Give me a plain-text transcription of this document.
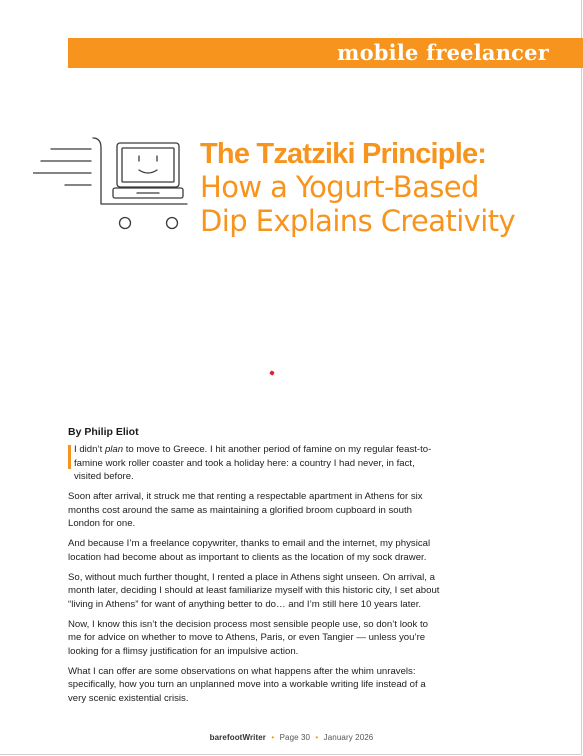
mobile freelancer
The Tzatziki Principle:
How a Yogurt-Based
Dip Explains Creativity
By Philip Eliot

I didn’t plan to move to Greece. I hit another period of famine on my regular feast-to-famine work roller coaster and took a holiday here: a country I had never, in fact, visited before.

Soon after arrival, it struck me that renting a respectable apartment in Athens for six months cost around the same as maintaining a glorified broom cupboard in south London for one.

And because I’m a freelance copywriter, thanks to email and the internet, my physical location had become about as important to clients as the location of my sock drawer.

So, without much further thought, I rented a place in Athens sight unseen. On arrival, a month later, deciding I should at least familiarize myself with this historic city, I set about “living in Athens” for want of anything better to do… and I’m still here 10 years later.

Now, I know this isn’t the decision process most sensible people use, so don’t look to me for advice on whether to move to Athens, Paris, or even Tangier — unless you’re looking for a flimsy justification for an impulsive action.

What I can offer are some observations on what happens after the whim unravels: specifically, how you turn an unplanned move into a workable writing life instead of a very scenic existential crisis.

barefootWriter • Page 30 • January 2026
